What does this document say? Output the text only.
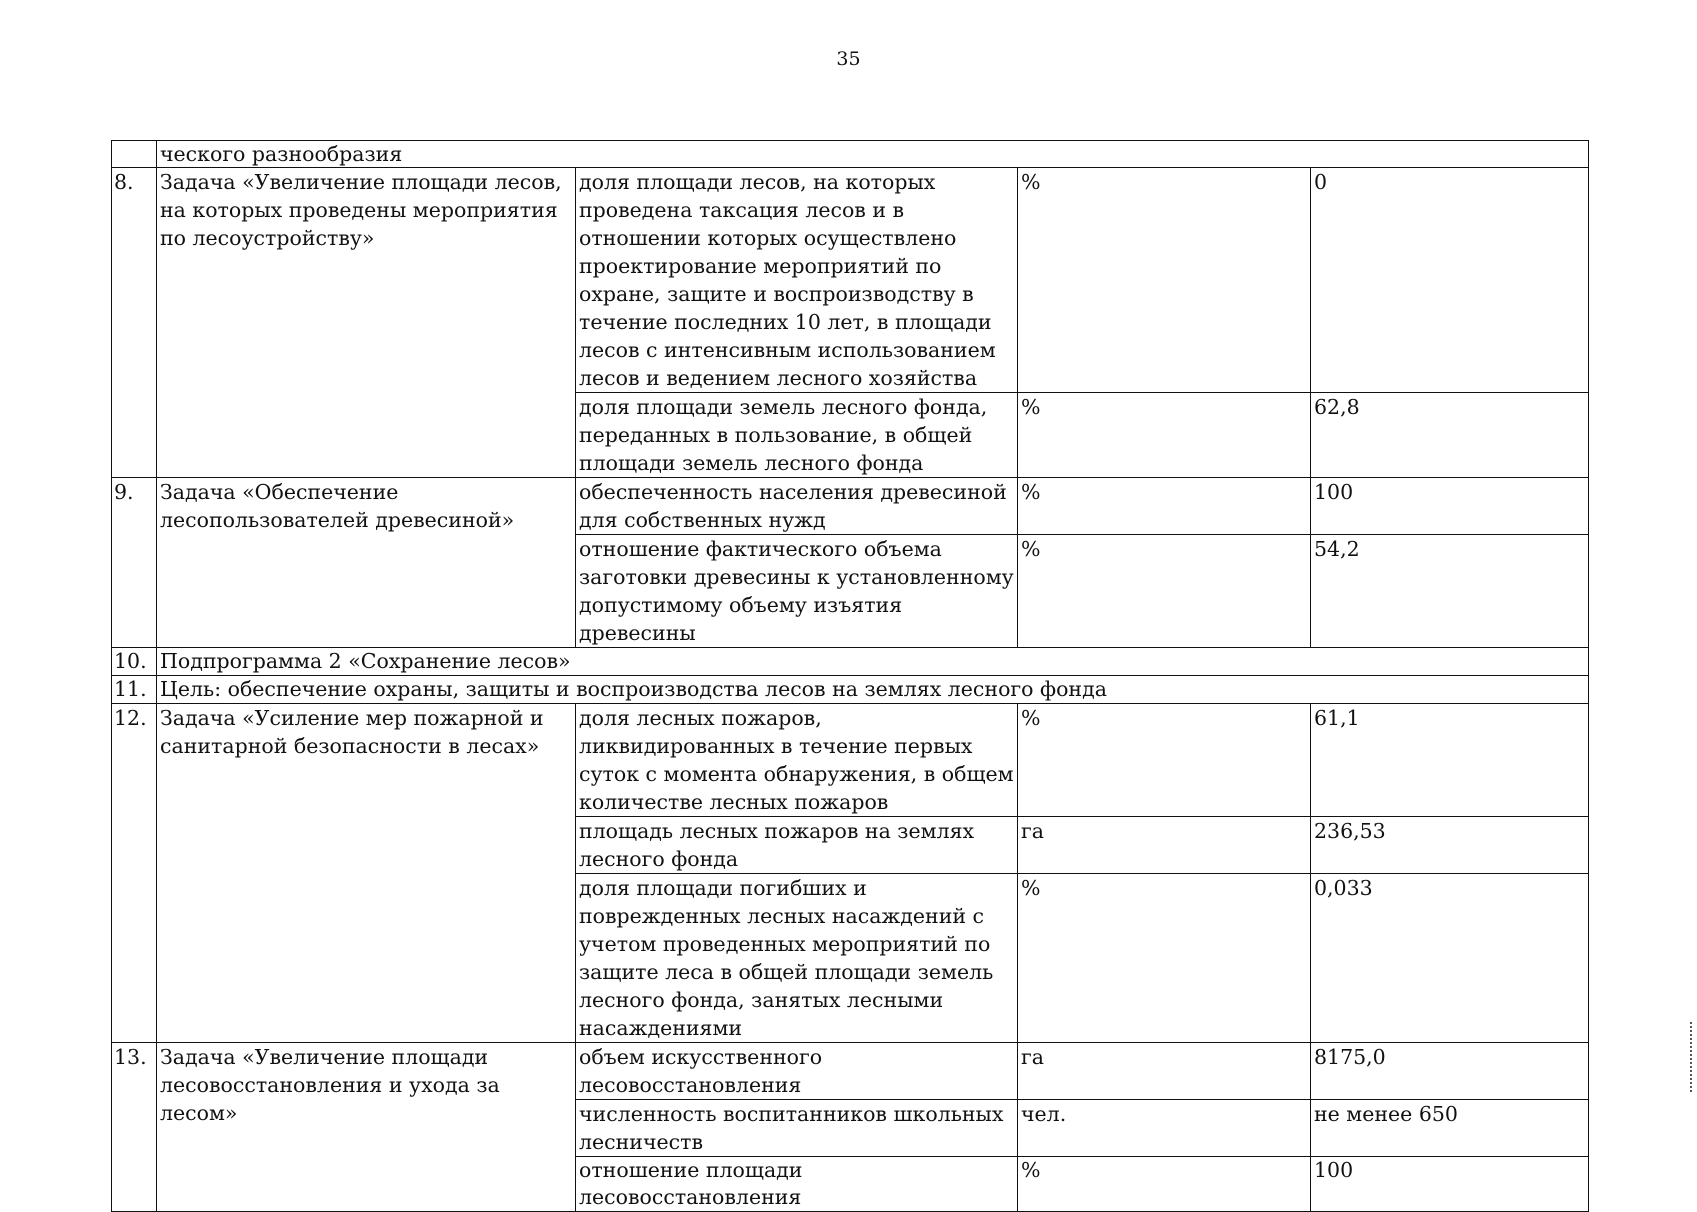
35
	ческого разнообразия			
8.	Задача «Увеличение площади лесов, на которых проведены мероприятия по лесоустройству»	доля площади лесов, на которых проведена таксация лесов и в отношении которых осуществлено проектирование мероприятий по охране, защите и воспроизводству в течение последних 10 лет, в площади лесов с интенсивным использованием лесов и ведением лесного хозяйства	%	0
		доля площади земель лесного фонда, переданных в пользование, в общей площади земель лесного фонда	%	62,8
9.	Задача «Обеспечение лесопользователей древесиной»	обеспеченность населения древесиной для собственных нужд	%	100
		отношение фактического объема заготовки древесины к установленному допустимому объему изъятия древесины	%	54,2
10.	Подпрограмма 2 «Сохранение лесов»			
11.	Цель: обеспечение охраны, защиты и воспроизводства лесов на землях лесного фонда			
12.	Задача «Усиление мер пожарной и санитарной безопасности в лесах»	доля лесных пожаров, ликвидированных в течение первых суток с момента обнаружения, в общем количестве лесных пожаров	%	61,1
		площадь лесных пожаров на землях лесного фонда	га	236,53
		доля площади погибших и поврежденных лесных насаждений с учетом проведенных мероприятий по защите леса в общей площади земель лесного фонда, занятых лесными насаждениями	%	0,033
13.	Задача «Увеличение площади лесовосстановления и ухода за лесом»	объем искусственного лесовосстановления	га	8175,0
		численность воспитанников школьных лесничеств	чел.	не менее 650
		отношение площади лесовосстановления	%	100
